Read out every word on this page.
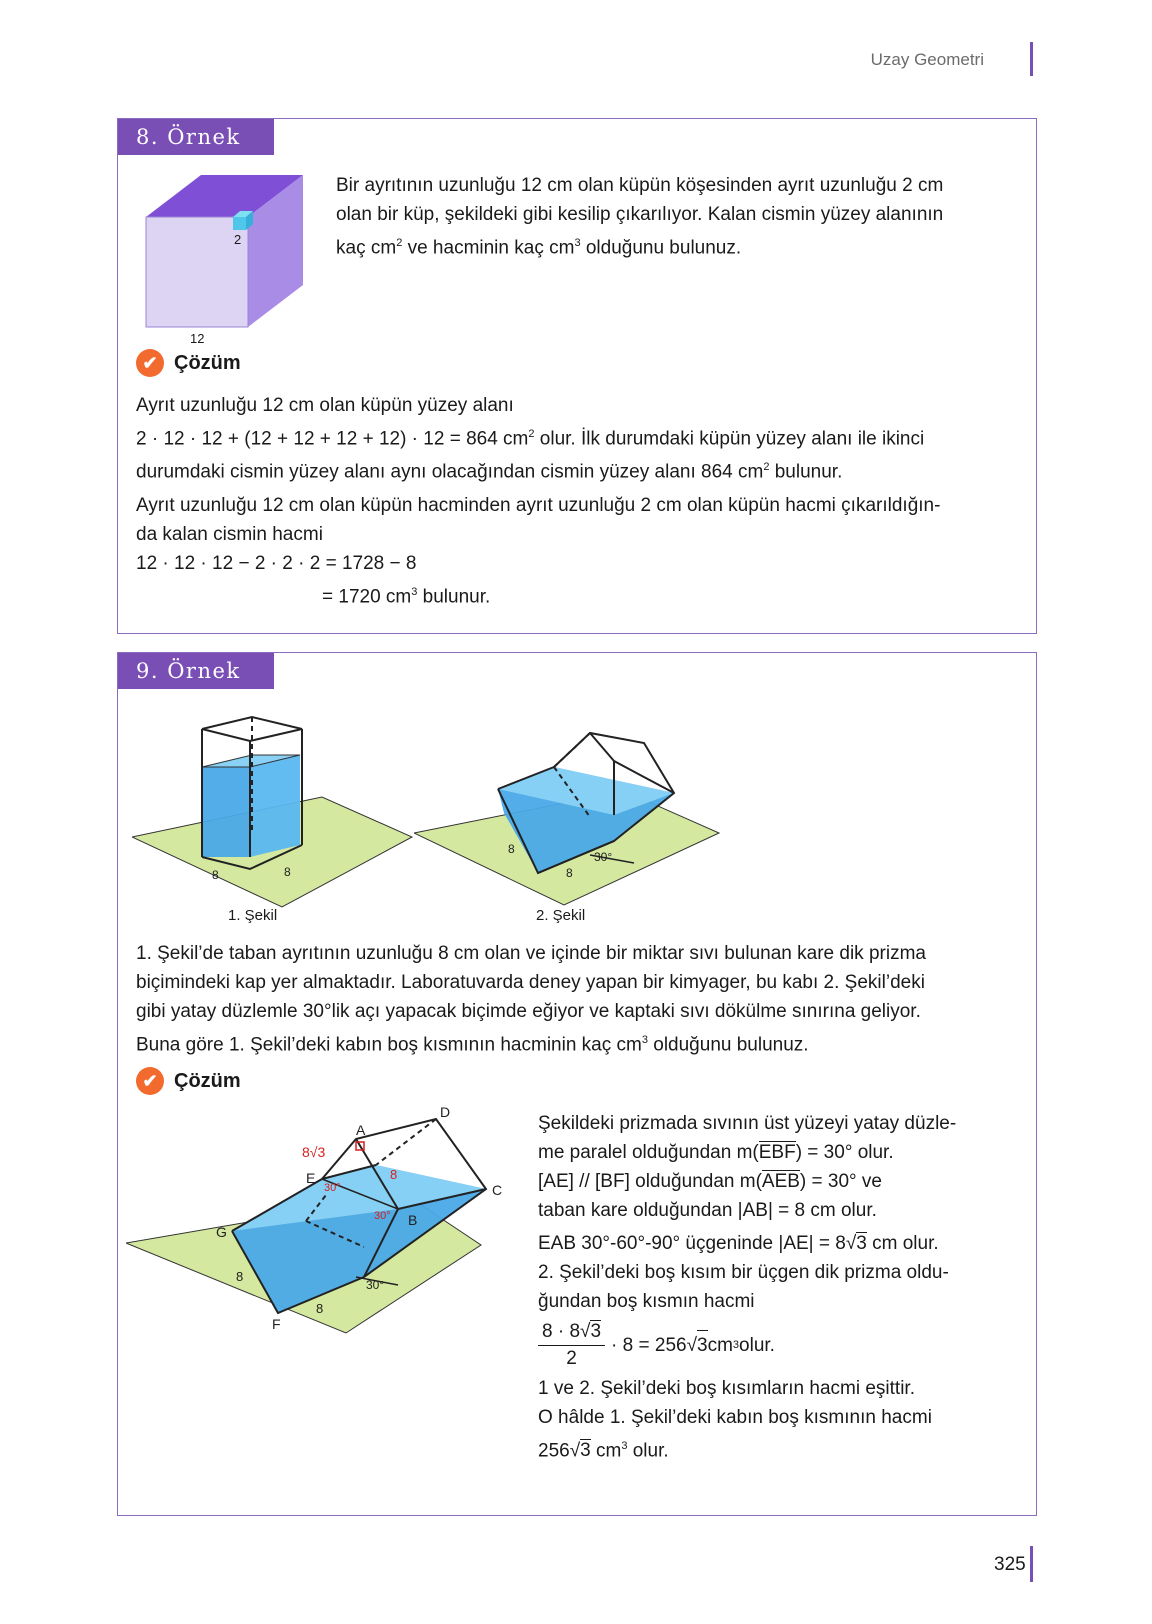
Uzay Geometri
8. Örnek
2
12
Bir ayrıtının uzunluğu 12 cm olan küpün köşesinden ayrıt uzunluğu 2 cm
olan bir küp, şekildeki gibi kesilip çıkarılıyor. Kalan cismin yüzey alanının
kaç $cm^2$ ve hacminin kaç $cm^3$ olduğunu bulunuz.
✔ Çözüm
Ayrıt uzunluğu 12 cm olan küpün yüzey alanı
2 · 12 · 12 + (12 + 12 + 12 + 12) · 12 = 864 $cm^2$ olur. İlk durumdaki küpün yüzey alanı ile ikinci
durumdaki cismin yüzey alanı aynı olacağından cismin yüzey alanı 864 $cm^2$ bulunur.
Ayrıt uzunluğu 12 cm olan küpün hacminden ayrıt uzunluğu 2 cm olan küpün hacmi çıkarıldığın-
da kalan cismin hacmi
12 · 12 · 12 − 2 · 2 · 2 = 1728 − 8
= 1720 $cm^3$ bulunur.
9. Örnek
8	8
1. Şekil
8
8
30°
2. Şekil
1. Şekil’de taban ayrıtının uzunluğu 8 cm olan ve içinde bir miktar sıvı bulunan kare dik prizma
biçimindeki kap yer almaktadır. Laboratuvarda deney yapan bir kimyager, bu kabı 2. Şekil’deki
gibi yatay düzlemle 30°lik açı yapacak biçimde eğiyor ve kaptaki sıvı dökülme sınırına geliyor.
Buna göre 1. Şekil’deki kabın boş kısmının hacminin kaç $cm^3$ olduğunu bulunuz.
✔ Çözüm
A
D
C
B
E
G
F
8√3
8
30°
30°
8
8
30°
Şekildeki prizmada sıvının üst yüzeyi yatay düzle-
me paralel olduğundan m(EBF) = 30° olur.
[AE] // [BF] olduğundan m(AEB) = 30° ve
taban kare olduğundan |AB| = 8 cm olur.
EAB 30°-60°-90° üçgeninde |AE| = 8√3 cm olur.
2. Şekil’deki boş kısım bir üçgen dik prizma oldu-
ğundan boş kısmın hacmi
8 · 8√3
2
· 8 = 256 √ 3 cm 3 olur.
1 ve 2. Şekil’deki boş kısımların hacmi eşittir.
O hâlde 1. Şekil’deki kabın boş kısmının hacmi
256√3 $cm^3$ olur.
325
